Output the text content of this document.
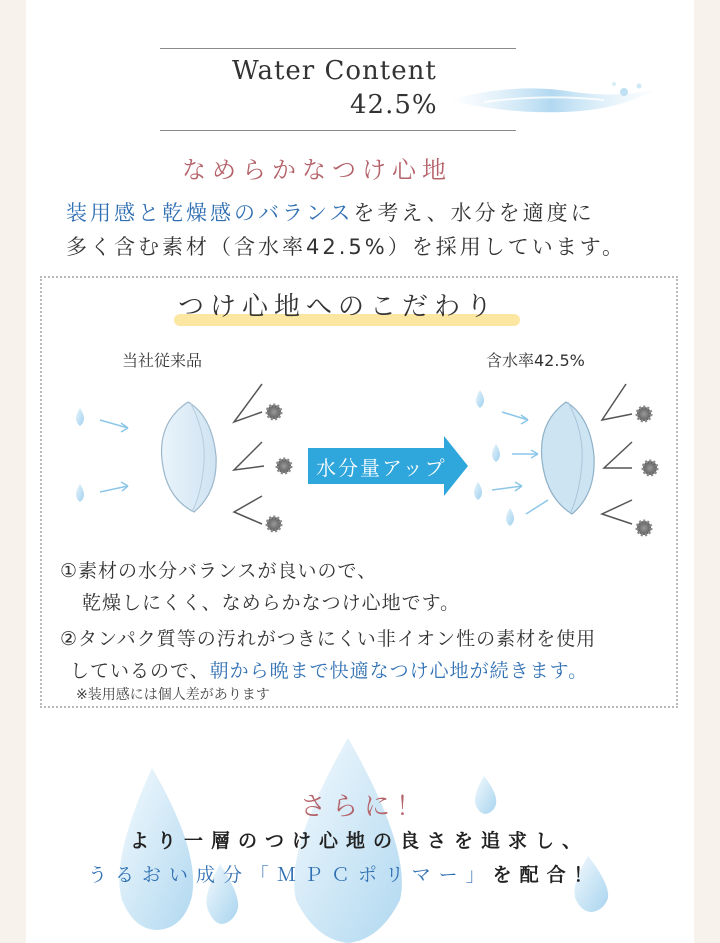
Water Content
42.5%
なめらかなつけ心地
装用感と乾燥感のバランスを考え、水分を適度に
多く含む素材（含水率42.5%）を採用しています。
つけ心地へのこだわり
当社従来品	含水率42.5%
水分量アップ
①素材の水分バランスが良いので、
乾燥しにくく、なめらかなつけ心地です。
②タンパク質等の汚れがつきにくい非イオン性の素材を使用
しているので、朝から晩まで快適なつけ心地が続きます。
※装用感には個人差があります
さらに！
より一層のつけ心地の良さを追求し、
うるおい成分「ＭＰＣポリマー」を配合！
